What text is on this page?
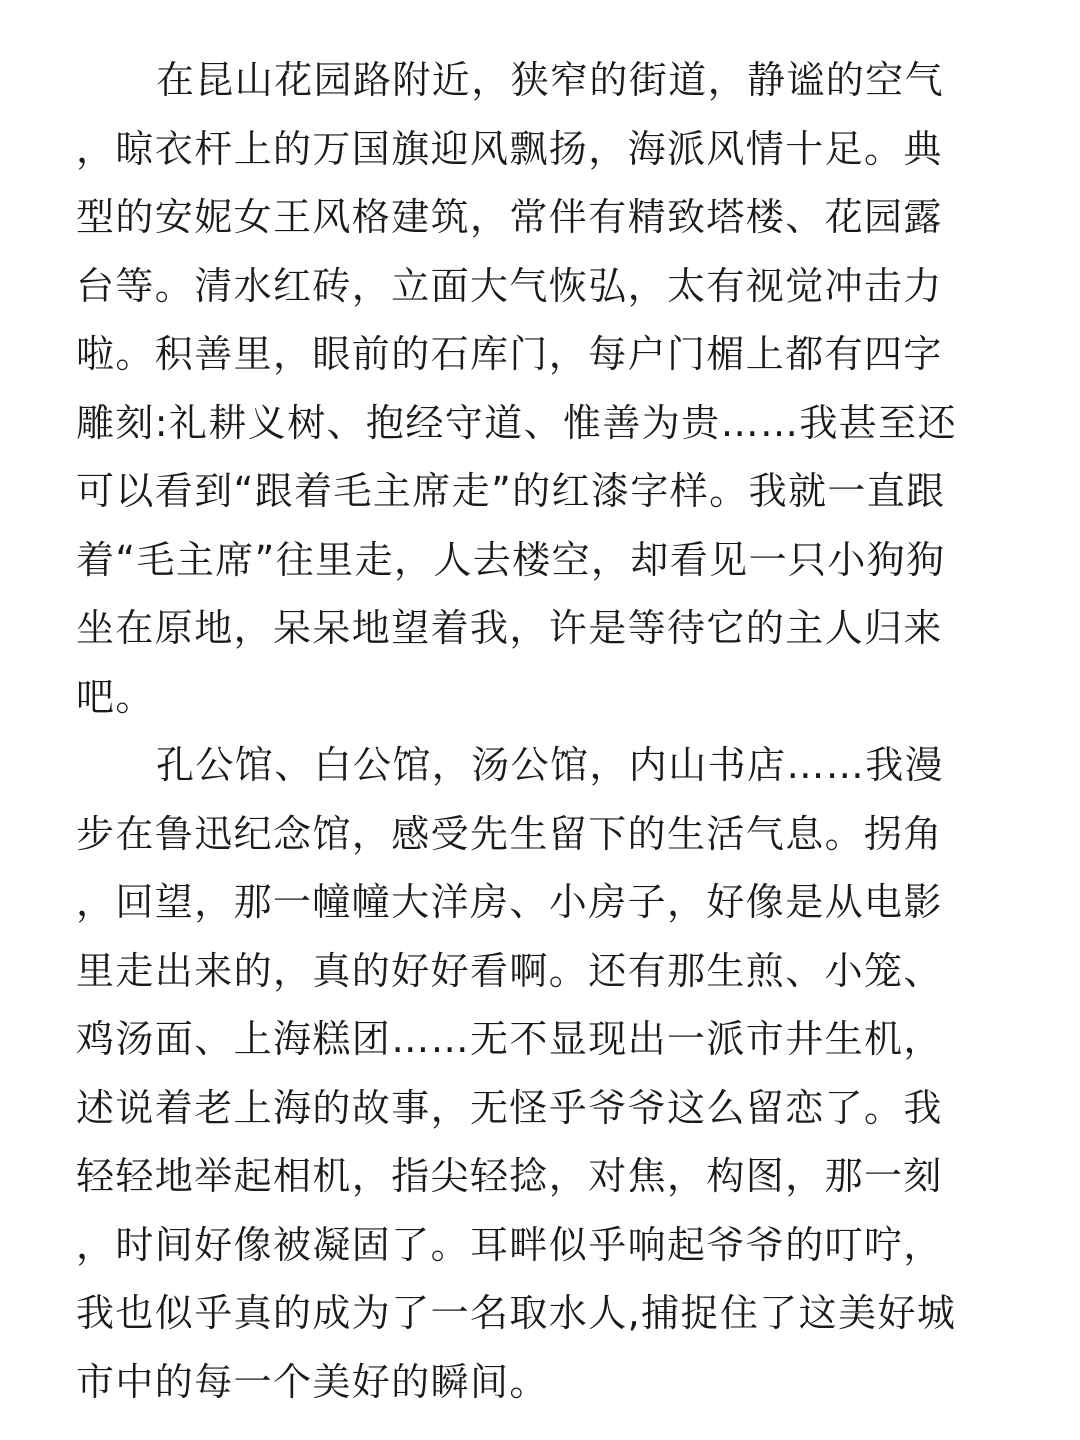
在昆山花园路附近，狭窄的街道，静谧的空气
，晾衣杆上的万国旗迎风飘扬，海派风情十足。典
型的安妮女王风格建筑，常伴有精致塔楼、花园露
台等。清水红砖，立面大气恢弘，太有视觉冲击力
啦。积善里，眼前的石库门，每户门楣上都有四字
雕刻:礼耕义树、抱经守道、惟善为贵……我甚至还
可以看到“跟着毛主席走”的红漆字样。我就一直跟
着“毛主席”往里走，人去楼空，却看见一只小狗狗
坐在原地，呆呆地望着我，许是等待它的主人归来
吧。
孔公馆、白公馆，汤公馆，内山书店……我漫
步在鲁迅纪念馆，感受先生留下的生活气息。拐角
，回望，那一幢幢大洋房、小房子，好像是从电影
里走出来的，真的好好看啊。还有那生煎、小笼、
鸡汤面、上海糕团……无不显现出一派市井生机，
述说着老上海的故事，无怪乎爷爷这么留恋了。我
轻轻地举起相机，指尖轻捻，对焦，构图，那一刻
，时间好像被凝固了。耳畔似乎响起爷爷的叮咛，
我也似乎真的成为了一名取水人,捕捉住了这美好城
市中的每一个美好的瞬间。
